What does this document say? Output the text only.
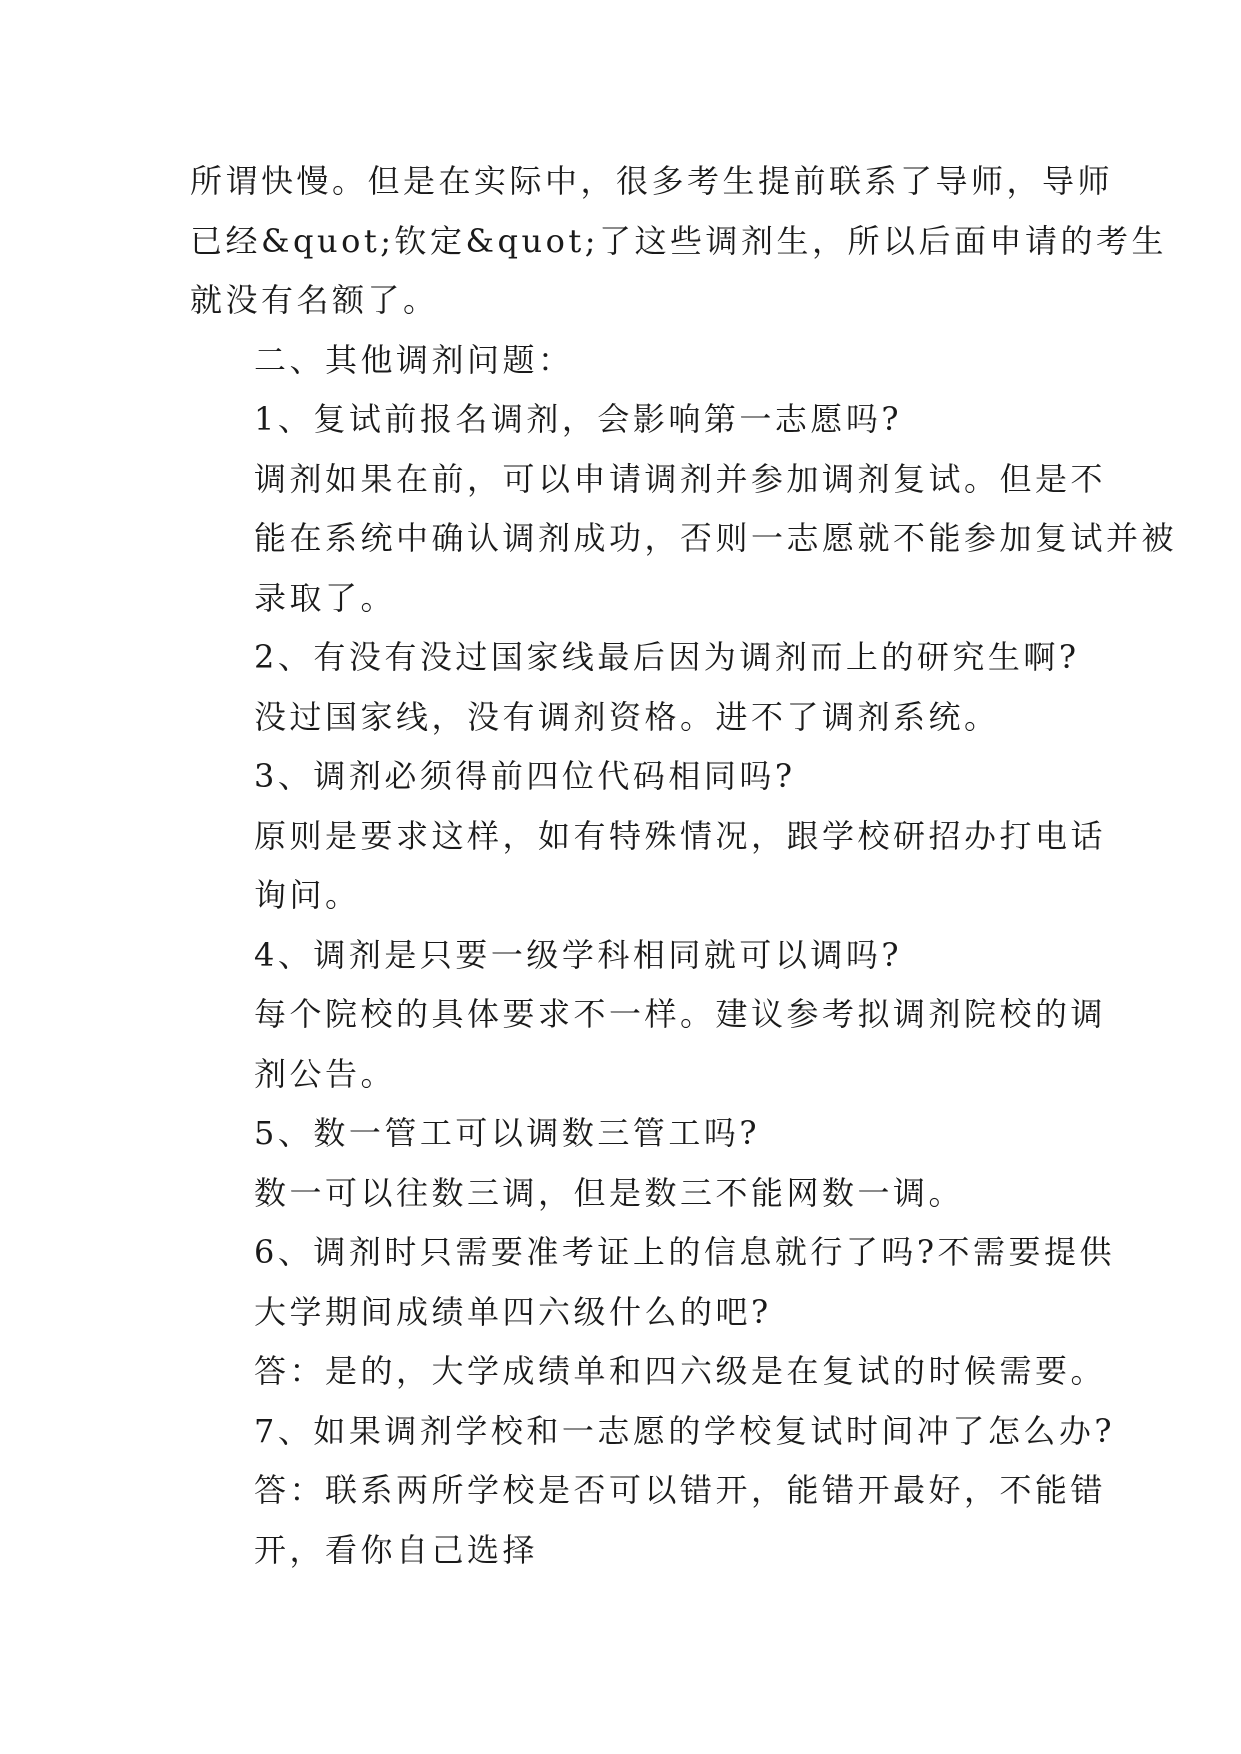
所谓快慢。但是在实际中，很多考生提前联系了导师，导师
已经&quot;钦定&quot;了这些调剂生，所以后面申请的考生
就没有名额了。

二、其他调剂问题：

1、复试前报名调剂，会影响第一志愿吗?

调剂如果在前，可以申请调剂并参加调剂复试。但是不
能在系统中确认调剂成功，否则一志愿就不能参加复试并被
录取了。

2、有没有没过国家线最后因为调剂而上的研究生啊?

没过国家线，没有调剂资格。进不了调剂系统。

3、调剂必须得前四位代码相同吗?

原则是要求这样，如有特殊情况，跟学校研招办打电话
询问。

4、调剂是只要一级学科相同就可以调吗?

每个院校的具体要求不一样。建议参考拟调剂院校的调
剂公告。

5、数一管工可以调数三管工吗?

数一可以往数三调，但是数三不能网数一调。

6、调剂时只需要准考证上的信息就行了吗?不需要提供
大学期间成绩单四六级什么的吧?

答：是的，大学成绩单和四六级是在复试的时候需要。

7、如果调剂学校和一志愿的学校复试时间冲了怎么办?

答：联系两所学校是否可以错开，能错开最好，不能错
开，看你自己选择
